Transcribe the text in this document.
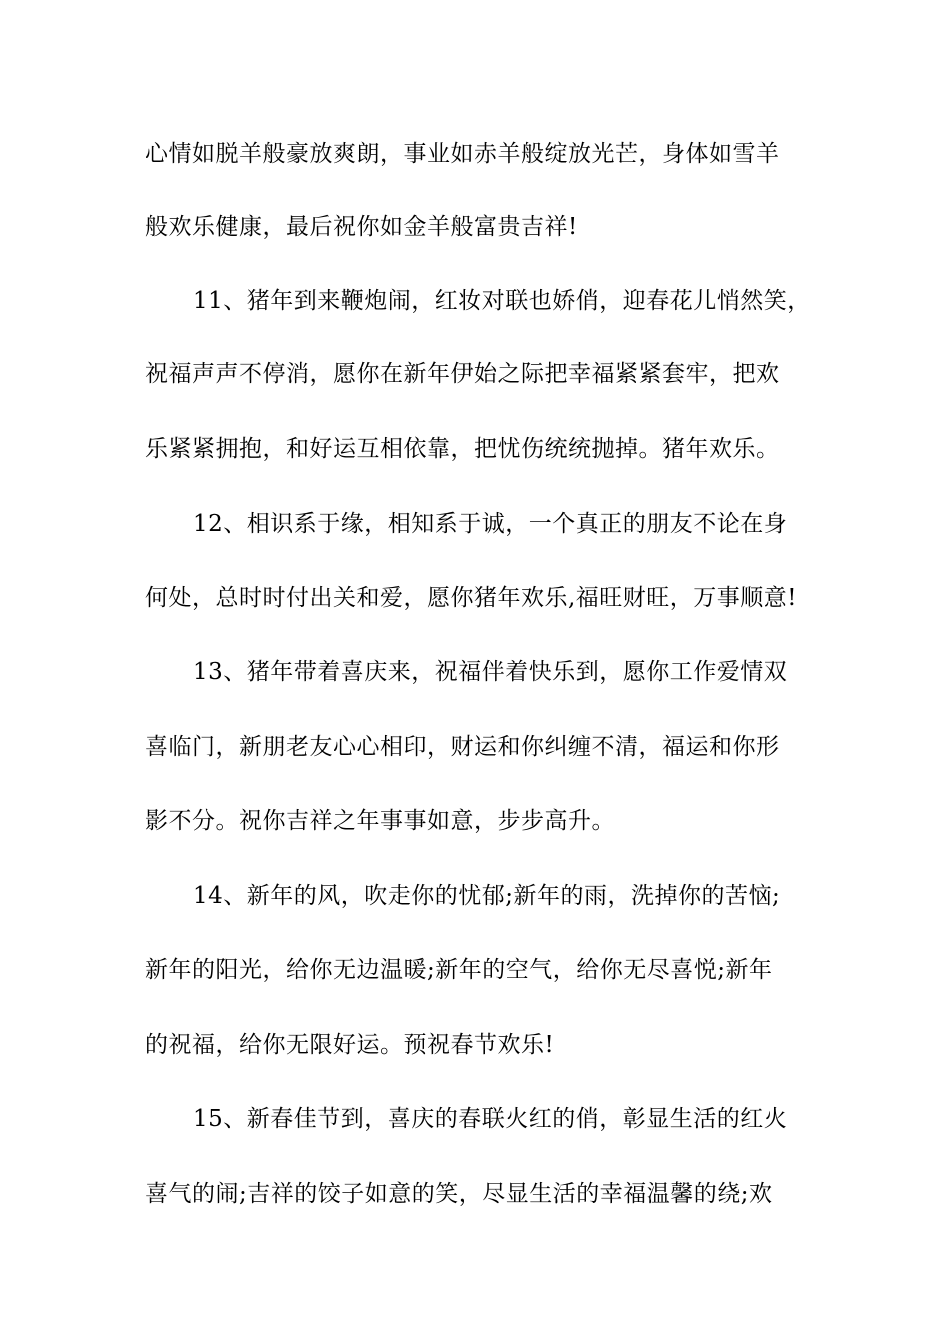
心情如脱羊般豪放爽朗，事业如赤羊般绽放光芒，身体如雪羊
般欢乐健康，最后祝你如金羊般富贵吉祥!
11、猪年到来鞭炮闹，红妆对联也娇俏，迎春花儿悄然笑，
祝福声声不停消，愿你在新年伊始之际把幸福紧紧套牢，把欢
乐紧紧拥抱，和好运互相依靠，把忧伤统统抛掉。猪年欢乐。
12、相识系于缘，相知系于诚，一个真正的朋友不论在身
何处，总时时付出关和爱，愿你猪年欢乐,福旺财旺，万事顺意!
13、猪年带着喜庆来，祝福伴着快乐到，愿你工作爱情双
喜临门，新朋老友心心相印，财运和你纠缠不清，福运和你形
影不分。祝你吉祥之年事事如意，步步高升。
14、新年的风，吹走你的忧郁;新年的雨，洗掉你的苦恼;
新年的阳光，给你无边温暖;新年的空气，给你无尽喜悦;新年
的祝福，给你无限好运。预祝春节欢乐!
15、新春佳节到，喜庆的春联火红的俏，彰显生活的红火
喜气的闹;吉祥的饺子如意的笑，尽显生活的幸福温馨的绕;欢
